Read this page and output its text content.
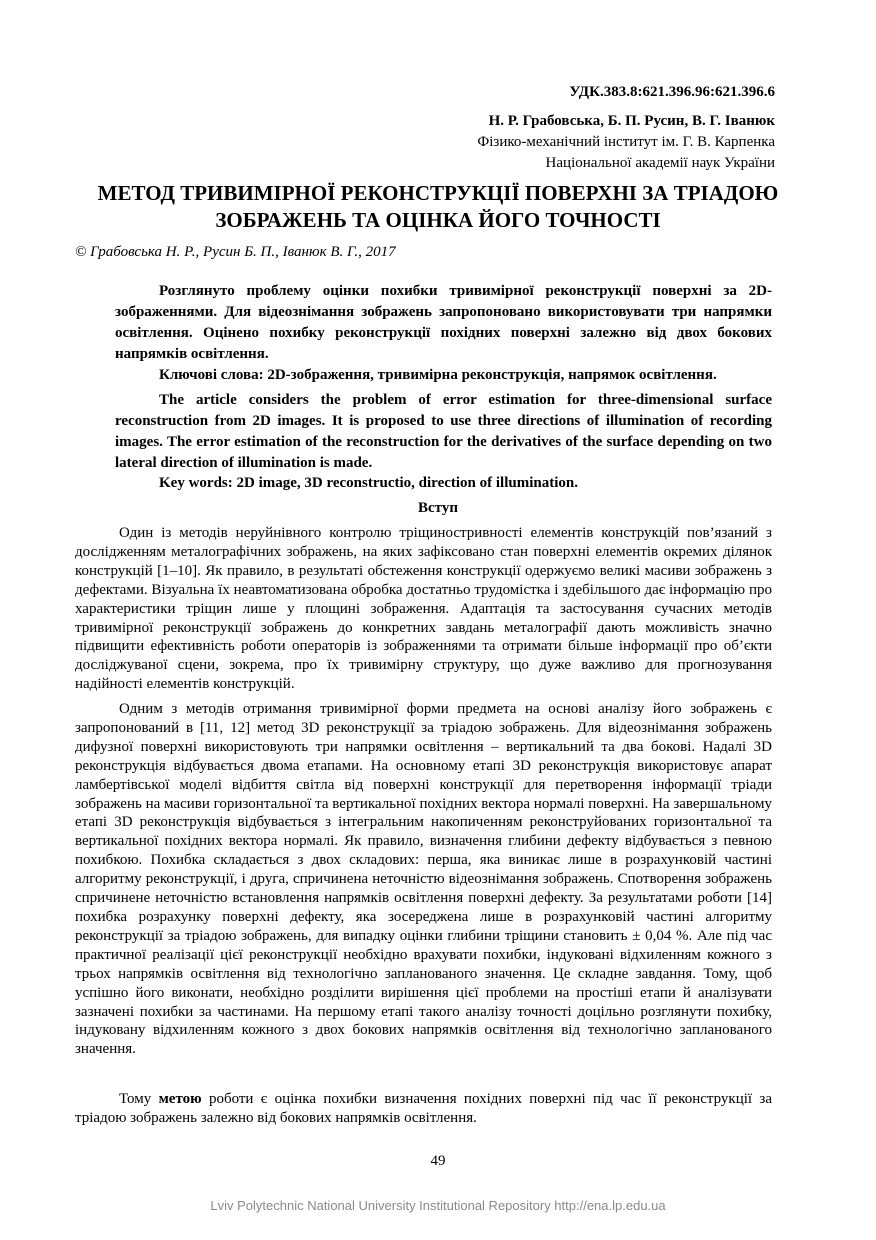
УДК.383.8:621.396.96:621.396.6
Н. Р. Грабовська, Б. П. Русин, В. Г. Іванюк
Фізико-механічний інститут ім. Г. В. Карпенка
Національної академії наук України
МЕТОД ТРИВИМІРНОЇ РЕКОНСТРУКЦІЇ ПОВЕРХНІ ЗА ТРІАДОЮ ЗОБРАЖЕНЬ ТА ОЦІНКА ЙОГО ТОЧНОСТІ
© Грабовська Н. Р., Русин Б. П., Іванюк В. Г., 2017
Розглянуто проблему оцінки похибки тривимірної реконструкції поверхні за 2D-зображеннями. Для відеознімання зображень запропоновано використовувати три напрямки освітлення. Оцінено похибку реконструкції похідних поверхні залежно від двох бокових напрямків освітлення.
Ключові слова: 2D-зображення, тривимірна реконструкція, напрямок освітлення.
The article considers the problem of error estimation for three-dimensional surface reconstruction from 2D images. It is proposed to use three directions of illumination of recording images. The error estimation of the reconstruction for the derivatives of the surface depending on two lateral direction of illumination is made.
Key words: 2D image, 3D reconstructio, direction of illumination.
Вступ
Один із методів неруйнівного контролю тріщиностривності елементів конструкцій пов’язаний з дослідженням металографічних зображень, на яких зафіксовано стан поверхні елементів окремих ділянок конструкцій [1–10]. Як правило, в результаті обстеження конструкції одержуємо великі масиви зображень з дефектами. Візуальна їх неавтоматизована обробка достатньо трудомістка і здебільшого дає інформацію про характеристики тріщин лише у площині зображення. Адаптація та застосування сучасних методів тривимірної реконструкції зображень до конкретних завдань металографії дають можливість значно підвищити ефективність роботи операторів із зображеннями та отримати більше інформації про об’єкти досліджуваної сцени, зокрема, про їх тривимірну структуру, що дуже важливо для прогнозування надійності елементів конструкцій.
Одним з методів отримання тривимірної форми предмета на основі аналізу його зображень є запропонований в [11, 12] метод 3D реконструкції за тріадою зображень. Для відеознімання зображень дифузної поверхні використовують три напрямки освітлення – вертикальний та два бокові. Надалі 3D реконструкція відбувається двома етапами. На основному етапі 3D реконструкція використовує апарат ламбертівської моделі відбиття світла від поверхні конструкції для перетворення інформації тріади зображень на масиви горизонтальної та вертикальної похідних вектора нормалі поверхні. На завершальному етапі 3D реконструкція відбувається з інтегральним накопиченням реконструйованих горизонтальної та вертикальної похідних вектора нормалі. Як правило, визначення глибини дефекту відбувається з певною похибкою. Похибка складається з двох складових: перша, яка виникає лише в розрахунковій частині алгоритму реконструкції, і друга, спричинена неточністю відеознімання зображень. Спотворення зображень спричинене неточністю встановлення напрямків освітлення поверхні дефекту. За результатами роботи [14] похибка розрахунку поверхні дефекту, яка зосереджена лише в розрахунковій частині алгоритму реконструкції за тріадою зображень, для випадку оцінки глибини тріщини становить ± 0,04 %. Але під час практичної реалізації цієї реконструкції необхідно врахувати похибки, індуковані відхиленням кожного з трьох напрямків освітлення від технологічно запланованого значення. Це складне завдання. Тому, щоб успішно його виконати, необхідно розділити вирішення цієї проблеми на простіші етапи й аналізувати зазначені похибки за частинами. На першому етапі такого аналізу точності доцільно розглянути похибку, індуковану відхиленням кожного з двох бокових напрямків освітлення від технологічно запланованого значення.
Тому метою роботи є оцінка похибки визначення похідних поверхні під час її реконструкції за тріадою зображень залежно від бокових напрямків освітлення.
49
Lviv Polytechnic National University Institutional Repository http://ena.lp.edu.ua
